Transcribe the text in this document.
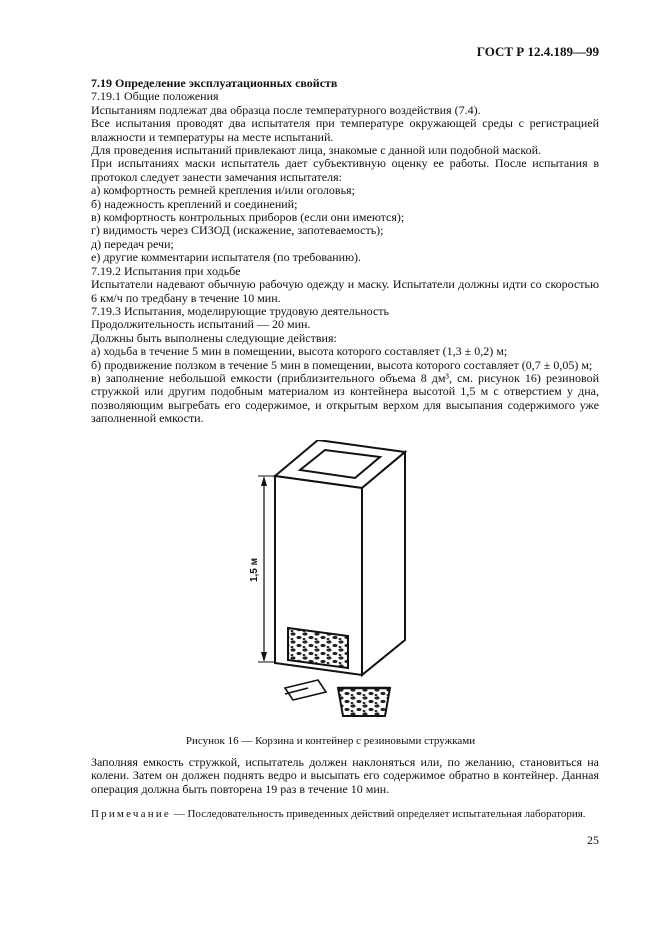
ГОСТ Р 12.4.189—99

7.19 Определение эксплуатационных свойств

7.19.1 Общие положения

Испытаниям подлежат два образца после температурного воздействия (7.4).

Все испытания проводят два испытателя при температуре окружающей среды с регистрацией влажности и температуры на месте испытаний.

Для проведения испытаний привлекают лица, знакомые с данной или подобной маской.

При испытаниях маски испытатель дает субъективную оценку ее работы. После испытания в протокол следует занести замечания испытателя:

а) комфортность ремней крепления и/или оголовья;

б) надежность креплений и соединений;

в) комфортность контрольных приборов (если они имеются);

г) видимость через СИЗОД (искажение, запотеваемость);

д) передач речи;

е) другие комментарии испытателя (по требованию).

7.19.2 Испытания при ходьбе

Испытатели надевают обычную рабочую одежду и маску. Испытатели должны идти со скоростью 6 км/ч по тредбану в течение 10 мин.

7.19.3 Испытания, моделирующие трудовую деятельность

Продолжительность испытаний — 20 мин.

Должны быть выполнены следующие действия:

а) ходьба в течение 5 мин в помещении, высота которого составляет (1,3 ± 0,2) м;

б) продвижение ползком в течение 5 мин в помещении, высота которого составляет (0,7 ± 0,05) м;

в) заполнение небольшой емкости (приблизительного объема 8 дм³, см. рисунок 16) резиновой стружкой или другим подобным материалом из контейнера высотой 1,5 м с отверстием у дна, позволяющим выгребать его содержимое, и открытым верхом для высыпания содержимого уже заполненной емкости.

1,5 м
Рисунок 16 — Корзина и контейнер с резиновыми стружками

Заполняя емкость стружкой, испытатель должен наклоняться или, по желанию, становиться на колени. Затем он должен поднять ведро и высыпать его содержимое обратно в контейнер. Данная операция должна быть повторена 19 раз в течение 10 мин.

Примечание — Последовательность приведенных действий определяет испытательная лаборатория.
25
